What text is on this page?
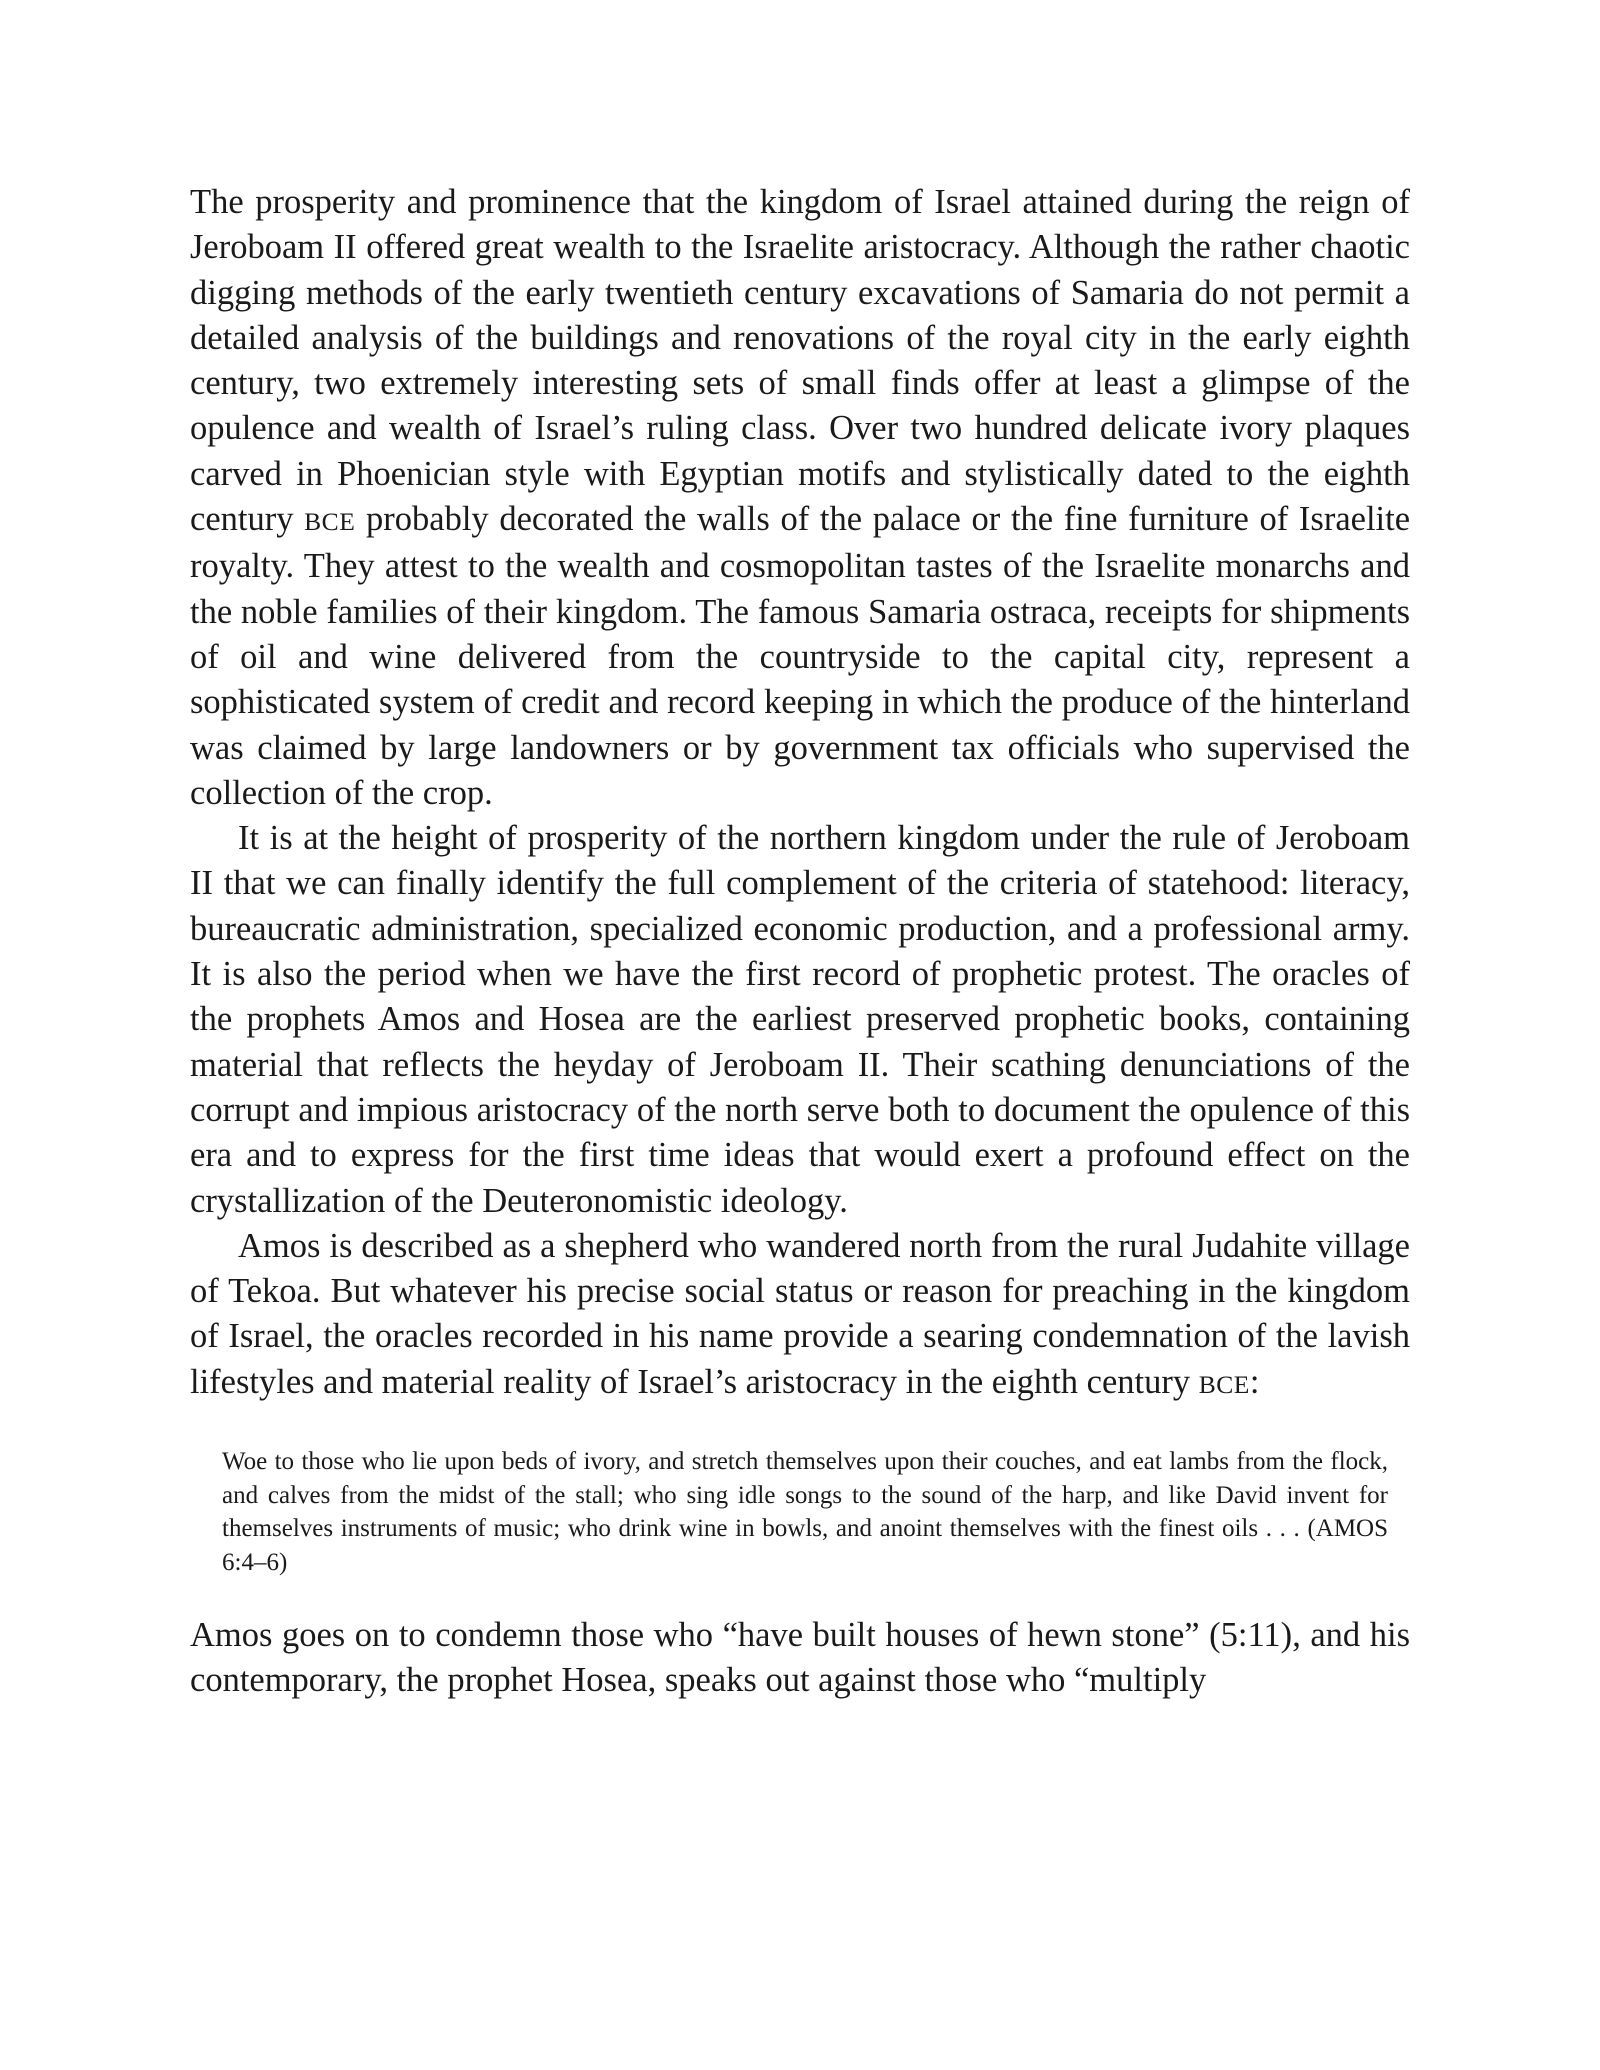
The prosperity and prominence that the kingdom of Israel attained during the reign of Jeroboam II offered great wealth to the Israelite aristocracy. Although the rather chaotic digging methods of the early twentieth century excavations of Samaria do not permit a detailed analysis of the buildings and renovations of the royal city in the early eighth century, two extremely interesting sets of small finds offer at least a glimpse of the opulence and wealth of Israel’s ruling class. Over two hundred delicate ivory plaques carved in Phoenician style with Egyptian motifs and stylistically dated to the eighth century BCE probably decorated the walls of the palace or the fine furniture of Israelite royalty. They attest to the wealth and cosmopolitan tastes of the Israelite monarchs and the noble families of their kingdom. The famous Samaria ostraca, receipts for shipments of oil and wine delivered from the countryside to the capital city, represent a sophisticated system of credit and record keeping in which the produce of the hinterland was claimed by large landowners or by government tax officials who supervised the collection of the crop.

It is at the height of prosperity of the northern kingdom under the rule of Jeroboam II that we can finally identify the full complement of the criteria of statehood: literacy, bureaucratic administration, specialized economic production, and a professional army. It is also the period when we have the first record of prophetic protest. The oracles of the prophets Amos and Hosea are the earliest preserved prophetic books, containing material that reflects the heyday of Jeroboam II. Their scathing denunciations of the corrupt and impious aristocracy of the north serve both to document the opulence of this era and to express for the first time ideas that would exert a profound effect on the crystallization of the Deuteronomistic ideology.

Amos is described as a shepherd who wandered north from the rural Judahite village of Tekoa. But whatever his precise social status or reason for preaching in the kingdom of Israel, the oracles recorded in his name provide a searing condemnation of the lavish lifestyles and material reality of Israel’s aristocracy in the eighth century BCE:

Woe to those who lie upon beds of ivory, and stretch themselves upon their couches, and eat lambs from the flock, and calves from the midst of the stall; who sing idle songs to the sound of the harp, and like David invent for themselves instruments of music; who drink wine in bowls, and anoint themselves with the finest oils . . . (AMOS 6:4–6)

Amos goes on to condemn those who “have built houses of hewn stone” (5:11), and his contemporary, the prophet Hosea, speaks out against those who “multiply
